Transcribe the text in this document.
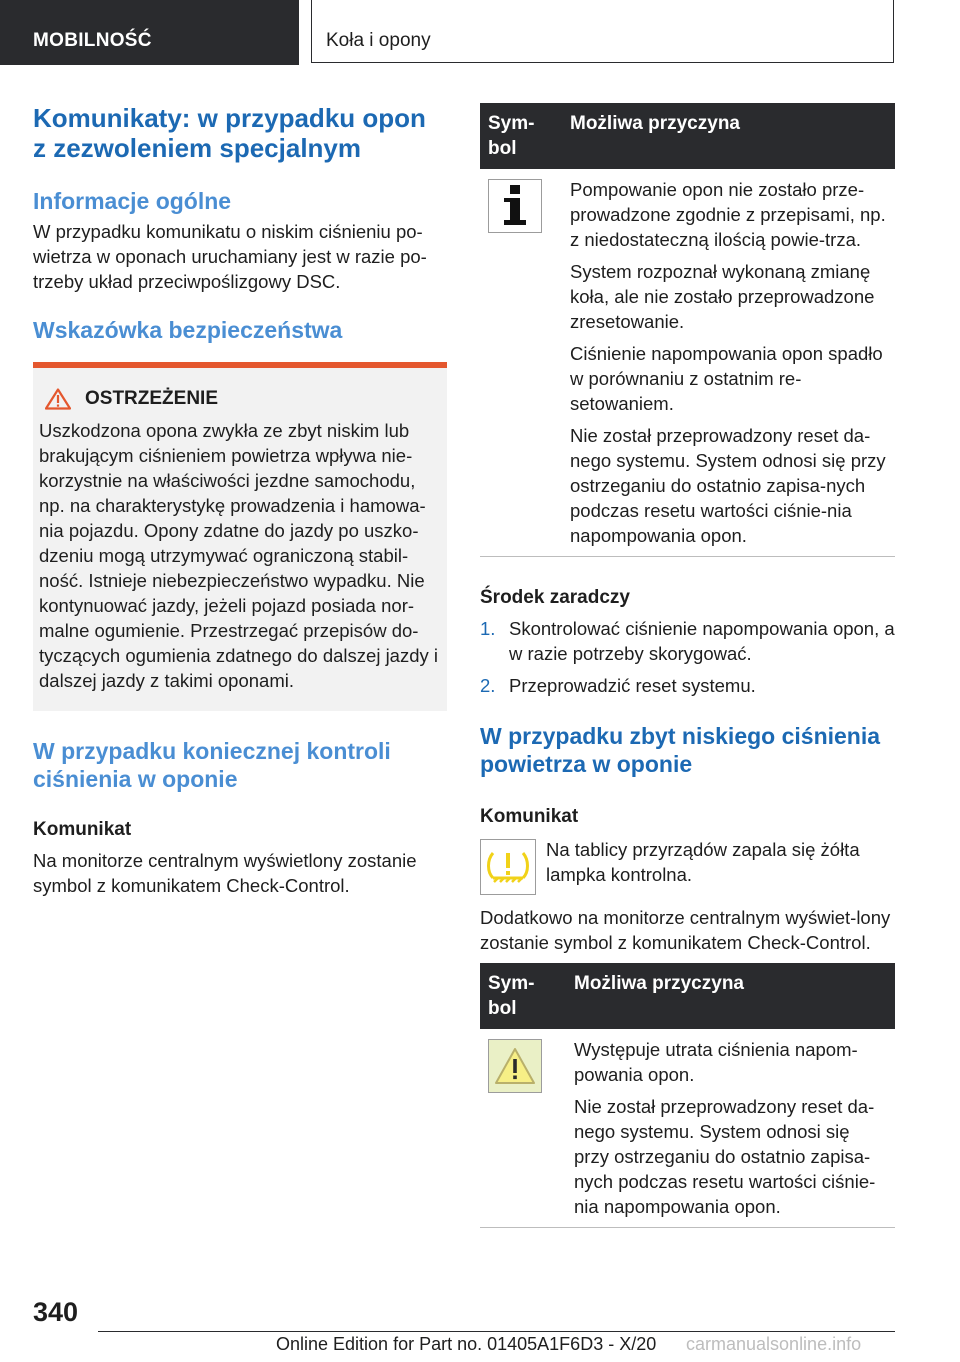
MOBILNOŚĆ	Koła i opony
Komunikaty: w przypadku opon z zezwoleniem specjalnym
Informacje ogólne

W przypadku komunikatu o niskim ciśnieniu po-wietrza w oponach uruchamiany jest w razie po-trzeby układ przeciwpoślizgowy DSC.

Wskazówka bezpieczeństwa
OSTRZEŻENIE

Uszkodzona opona zwykła ze zbyt niskim lub brakującym ciśnieniem powietrza wpływa nie-korzystnie na właściwości jezdne samochodu, np. na charakterystykę prowadzenia i hamowa-nia pojazdu. Opony zdatne do jazdy po uszko-dzeniu mogą utrzymywać ograniczoną stabil-ność. Istnieje niebezpieczeństwo wypadku. Nie kontynuować jazdy, jeżeli pojazd posiada nor-malne ogumienie. Przestrzegać przepisów do-tyczących ogumienia zdatnego do dalszej jazdy i dalszej jazdy z takimi oponami.

W przypadku koniecznej kontroli ciśnienia w oponie
Komunikat

Na monitorze centralnym wyświetlony zostanie symbol z komunikatem Check-Control.

Sym-bol	Możliwa przyczyna

Pompowanie opon nie zostało prze-prowadzone zgodnie z przepisami, np. z niedostateczną ilością powie-trza.

System rozpoznał wykonaną zmianę koła, ale nie zostało przeprowadzone zresetowanie.

Ciśnienie napompowania opon spadło w porównaniu z ostatnim re-setowaniem.

Nie został przeprowadzony reset da-nego systemu. System odnosi się przy ostrzeganiu do ostatnio zapisa-nych podczas resetu wartości ciśnie-nia napompowania opon.

Środek zaradczy
1. Skontrolować ciśnienie napompowania opon, a w razie potrzeby skorygować.
2. Przeprowadzić reset systemu.
W przypadku zbyt niskiego ciśnienia powietrza w oponie
Komunikat

Na tablicy przyrządów zapala się żółta lampka kontrolna.

Dodatkowo na monitorze centralnym wyświet-lony zostanie symbol z komunikatem Check-Control.

Sym-bol	Możliwa przyczyna

Występuje utrata ciśnienia napom-powania opon.

Nie został przeprowadzony reset da-nego systemu. System odnosi się przy ostrzeganiu do ostatnio zapisa-nych podczas resetu wartości ciśnie-nia napompowania opon.

340
Online Edition for Part no. 01405A1F6D3 - X/20 carmanualsonline.info
